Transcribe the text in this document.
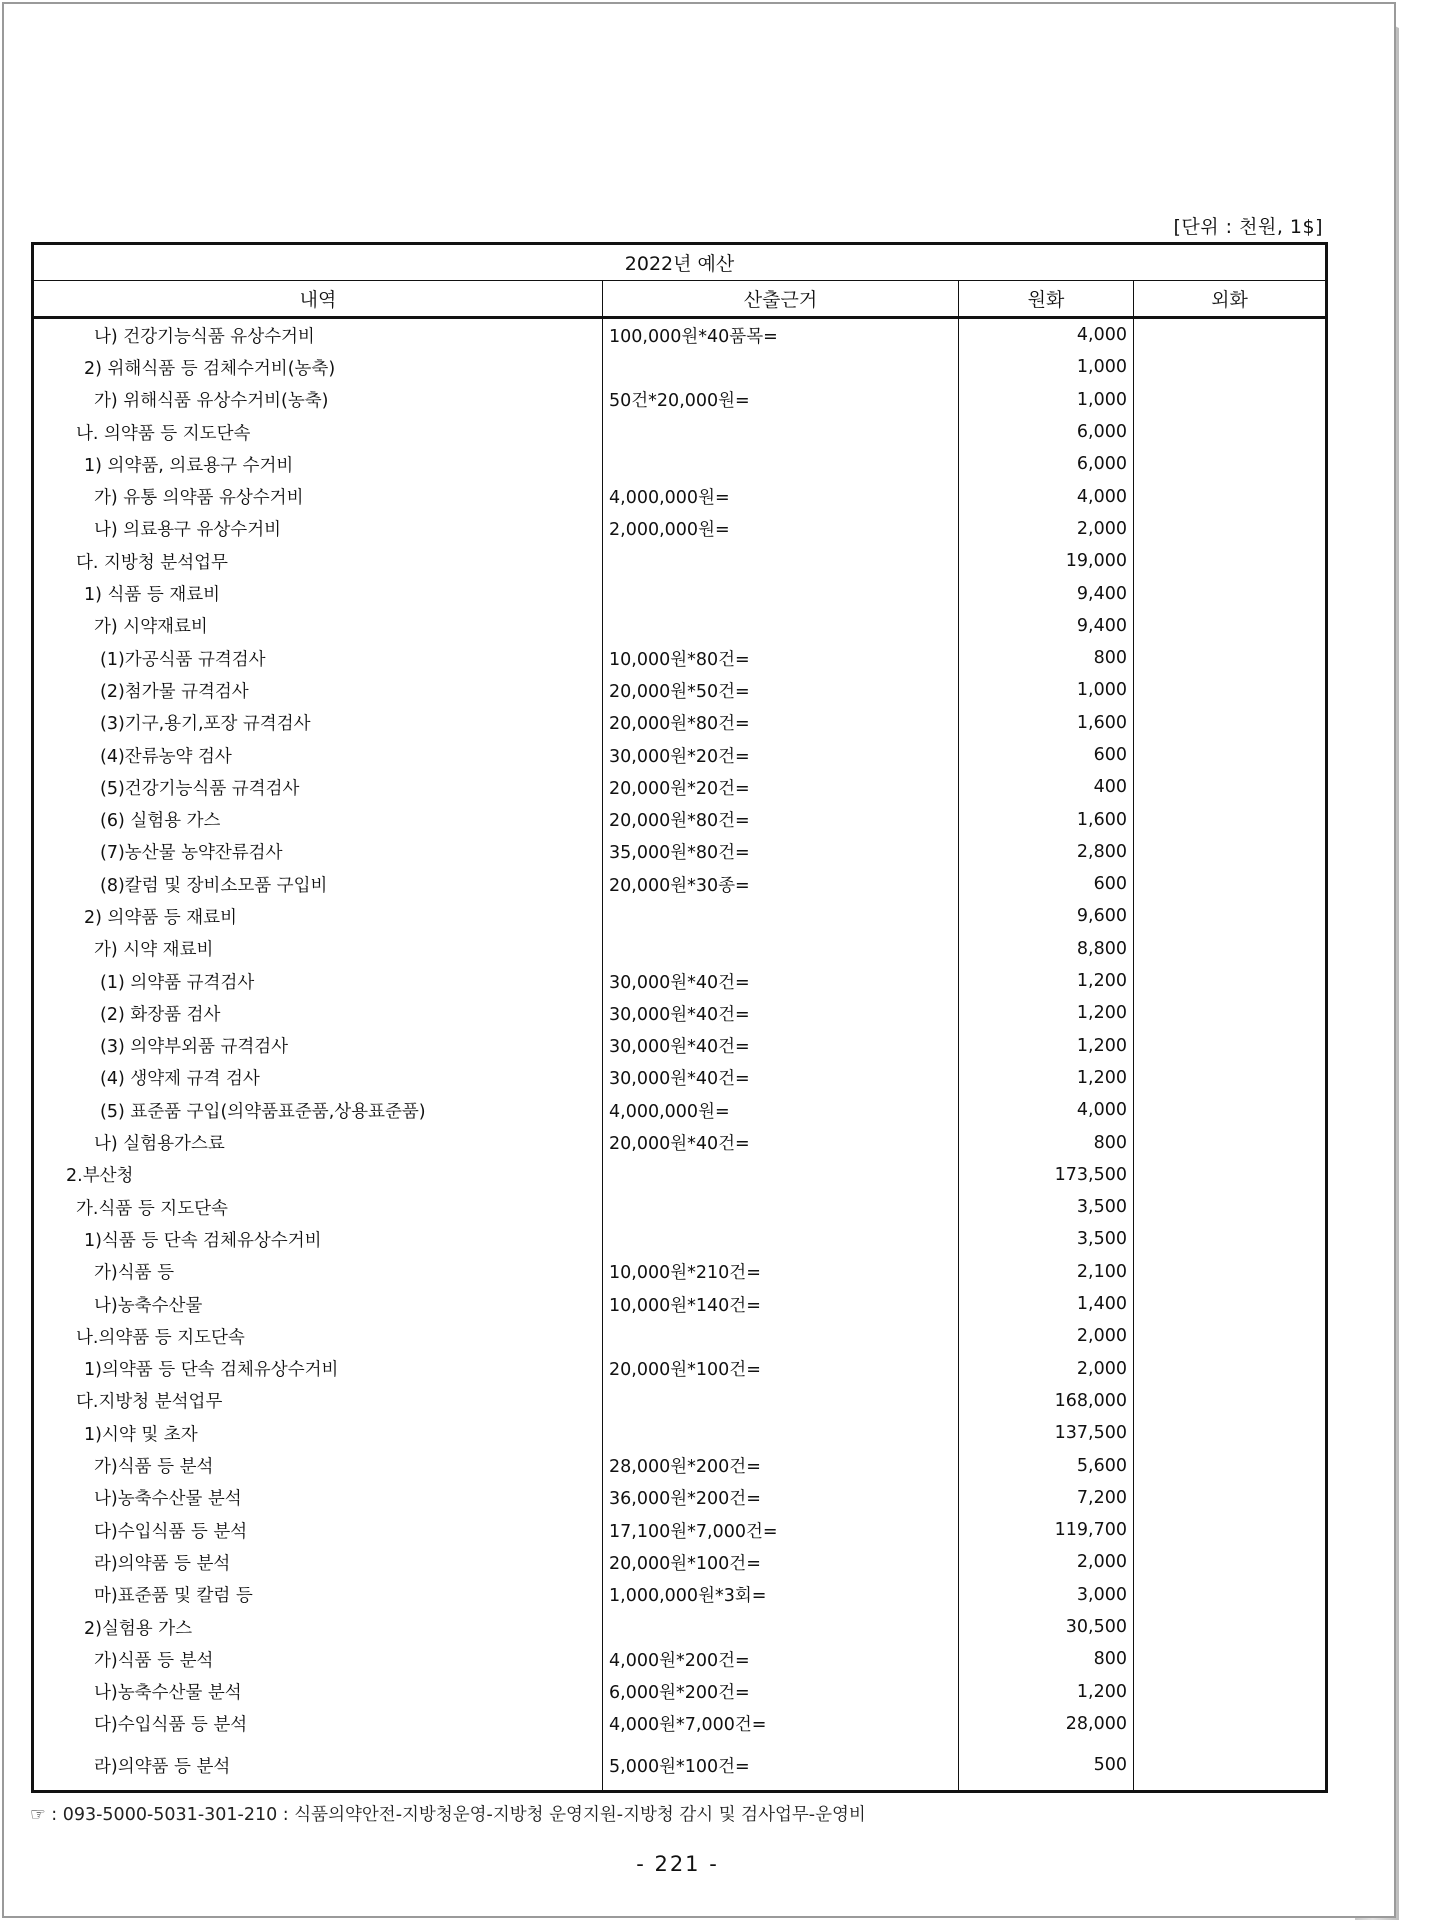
[단위 : 천원, 1$]
2022년 예산			
내역	산출근거	원화	외화
나) 건강기능식품 유상수거비	100,000원*40품목=	4,000	
2) 위해식품 등 검체수거비(농축)		1,000	
가) 위해식품 유상수거비(농축)	50건*20,000원=	1,000	
나. 의약품 등 지도단속		6,000	
1) 의약품, 의료용구 수거비		6,000	
가) 유통 의약품 유상수거비	4,000,000원=	4,000	
나) 의료용구 유상수거비	2,000,000원=	2,000	
다. 지방청 분석업무		19,000	
1) 식품 등 재료비		9,400	
가) 시약재료비		9,400	
(1)가공식품 규격검사	10,000원*80건=	800	
(2)첨가물 규격검사	20,000원*50건=	1,000	
(3)기구,용기,포장 규격검사	20,000원*80건=	1,600	
(4)잔류농약 검사	30,000원*20건=	600	
(5)건강기능식품 규격검사	20,000원*20건=	400	
(6) 실험용 가스	20,000원*80건=	1,600	
(7)농산물 농약잔류검사	35,000원*80건=	2,800	
(8)칼럼 및 장비소모품 구입비	20,000원*30종=	600	
2) 의약품 등 재료비		9,600	
가) 시약 재료비		8,800	
(1) 의약품 규격검사	30,000원*40건=	1,200	
(2) 화장품 검사	30,000원*40건=	1,200	
(3) 의약부외품 규격검사	30,000원*40건=	1,200	
(4) 생약제 규격 검사	30,000원*40건=	1,200	
(5) 표준품 구입(의약품표준품,상용표준품)	4,000,000원=	4,000	
나) 실험용가스료	20,000원*40건=	800	
2.부산청		173,500	
가.식품 등 지도단속		3,500	
1)식품 등 단속 검체유상수거비		3,500	
가)식품 등	10,000원*210건=	2,100	
나)농축수산물	10,000원*140건=	1,400	
나.의약품 등 지도단속		2,000	
1)의약품 등 단속 검체유상수거비	20,000원*100건=	2,000	
다.지방청 분석업무		168,000	
1)시약 및 초자		137,500	
가)식품 등 분석	28,000원*200건=	5,600	
나)농축수산물 분석	36,000원*200건=	7,200	
다)수입식품 등 분석	17,100원*7,000건=	119,700	
라)의약품 등 분석	20,000원*100건=	2,000	
마)표준품 및 칼럼 등	1,000,000원*3회=	3,000	
2)실험용 가스		30,500	
가)식품 등 분석	4,000원*200건=	800	
나)농축수산물 분석	6,000원*200건=	1,200	
다)수입식품 등 분석	4,000원*7,000건=	28,000	
라)의약품 등 분석	5,000원*100건=	500	
☞ : 093-5000-5031-301-210 : 식품의약안전-지방청운영-지방청 운영지원-지방청 감시 및 검사업무-운영비
- 221 -
